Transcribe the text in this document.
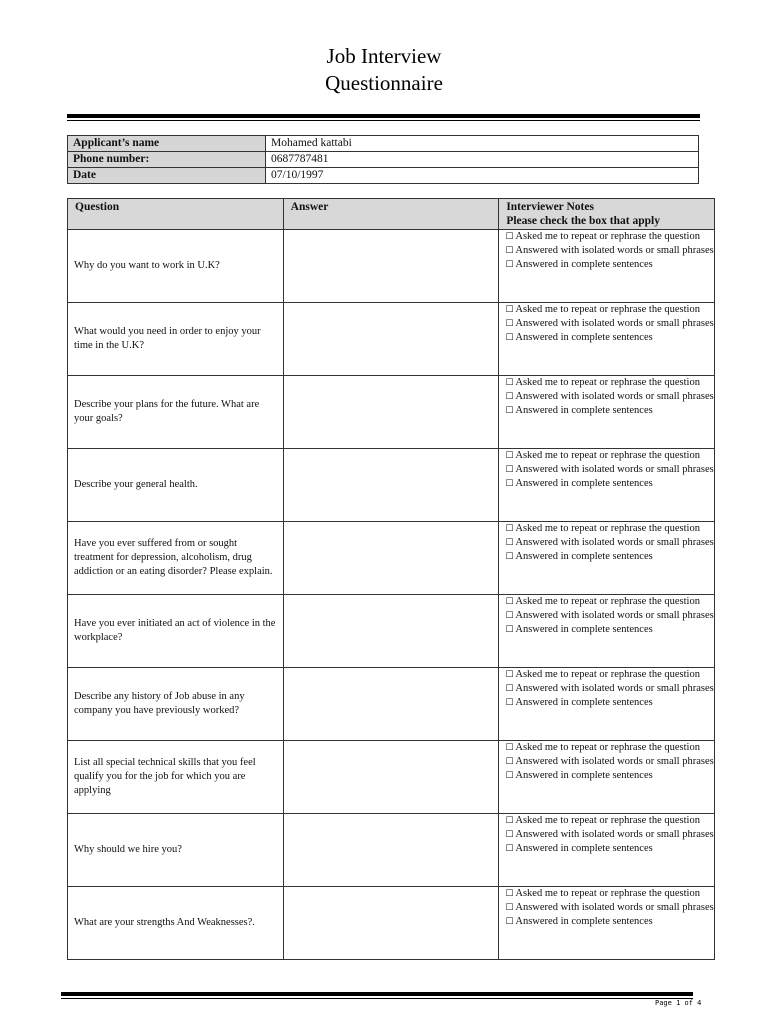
Job Interview
Questionnaire
Applicant’s name	Mohamed kattabi
Phone number:	0687787481
Date	07/10/1997
Question	Answer	Interviewer Notes
Please check the box that apply

Why do you want to work in U.K?		☐ Asked me to repeat or rephrase the question
☐ Answered with isolated words or small phrases
☐ Answered in complete sentences

What would you need in order to enjoy your time in the U.K?		☐ Asked me to repeat or rephrase the question
☐ Answered with isolated words or small phrases
☐ Answered in complete sentences

Describe your plans for the future. What are your goals?		☐ Asked me to repeat or rephrase the question
☐ Answered with isolated words or small phrases
☐ Answered in complete sentences

Describe your general health.		☐ Asked me to repeat or rephrase the question
☐ Answered with isolated words or small phrases
☐ Answered in complete sentences

Have you ever suffered from or sought treatment for depression, alcoholism, drug addiction or an eating disorder? Please explain.		☐ Asked me to repeat or rephrase the question
☐ Answered with isolated words or small phrases
☐ Answered in complete sentences

Have you ever initiated an act of violence in the workplace?		☐ Asked me to repeat or rephrase the question
☐ Answered with isolated words or small phrases
☐ Answered in complete sentences

Describe any history of Job abuse in any company you have previously worked?		☐ Asked me to repeat or rephrase the question
☐ Answered with isolated words or small phrases
☐ Answered in complete sentences

List all special technical skills that you feel qualify you for the job for which you are applying		☐ Asked me to repeat or rephrase the question
☐ Answered with isolated words or small phrases
☐ Answered in complete sentences

Why should we hire you?		☐ Asked me to repeat or rephrase the question
☐ Answered with isolated words or small phrases
☐ Answered in complete sentences

What are your strengths And Weaknesses?.		☐ Asked me to repeat or rephrase the question
☐ Answered with isolated words or small phrases
☐ Answered in complete sentences
Page 1 of 4
